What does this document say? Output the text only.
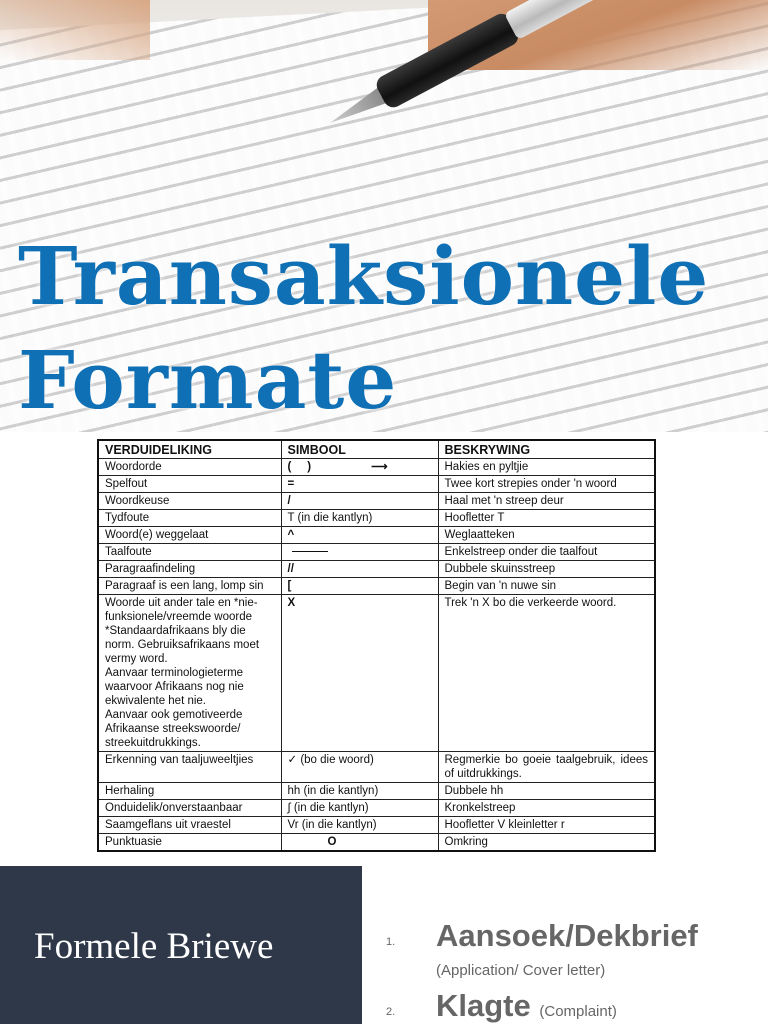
Transaksionele
Formate
VERDUIDELIKING	SIMBOOL	BESKRYWING
Woordorde	(     ) ⟶	Hakies en pyltjie
Spelfout	=	Twee kort strepies onder 'n woord
Woordkeuse	/	Haal met 'n streep deur
Tydfoute	T (in die kantlyn)	Hoofletter T
Woord(e) weggelaat	^	Weglaatteken
Taalfoute		Enkelstreep onder die taalfout
Paragraafindeling	//	Dubbele skuinsstreep
Paragraaf is een lang, lomp sin	[	Begin van 'n nuwe sin

Woorde uit ander tale en *nie-funksionele/vreemde woorde
*Standaardafrikaans bly die norm. Gebruiksafrikaans moet vermy word.
Aanvaar terminologieterme waarvoor Afrikaans nog nie ekwivalente het nie.
Aanvaar ook gemotiveerde Afrikaanse streekswoorde/ streekuitdrukkings.	X	Trek 'n X bo die verkeerde woord.
Erkenning van taaljuweeltjies	✓ (bo die woord)	Regmerkie bo goeie taalgebruik, idees of uitdrukkings.
Herhaling	hh (in die kantlyn)	Dubbele hh
Onduidelik/onverstaanbaar	∫ (in die kantlyn)	Kronkelstreep
Saamgeflans uit vraestel	Vr (in die kantlyn)	Hoofletter V kleinletter r
Punktuasie	O	Omkring
Formele Briewe	1. Aansoek/Dekbrief
(Application/ Cover letter)
2. Klagte (Complaint)
